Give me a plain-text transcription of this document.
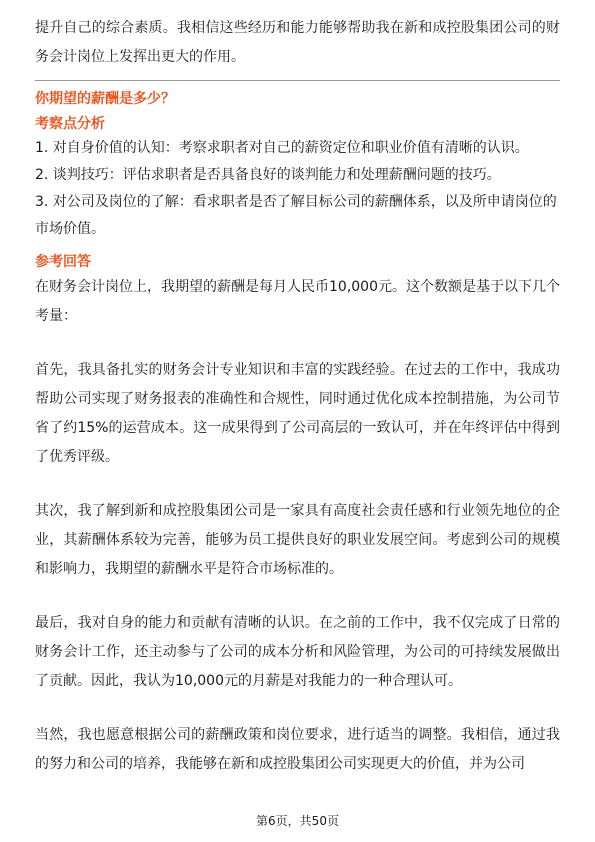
提升自己的综合素质。我相信这些经历和能力能够帮助我在新和成控股集团公司的财务会计岗位上发挥出更大的作用。

你期望的薪酬是多少？

考察点分析

1. 对自身价值的认知：考察求职者对自己的薪资定位和职业价值有清晰的认识。

2. 谈判技巧：评估求职者是否具备良好的谈判能力和处理薪酬问题的技巧。

3. 对公司及岗位的了解：看求职者是否了解目标公司的薪酬体系，以及所申请岗位的市场价值。

参考回答

在财务会计岗位上，我期望的薪酬是每月人民币10,000元。这个数额是基于以下几个考量：

首先，我具备扎实的财务会计专业知识和丰富的实践经验。在过去的工作中，我成功帮助公司实现了财务报表的准确性和合规性，同时通过优化成本控制措施，为公司节省了约15%的运营成本。这一成果得到了公司高层的一致认可，并在年终评估中得到了优秀评级。

其次，我了解到新和成控股集团公司是一家具有高度社会责任感和行业领先地位的企业，其薪酬体系较为完善，能够为员工提供良好的职业发展空间。考虑到公司的规模和影响力，我期望的薪酬水平是符合市场标准的。

最后，我对自身的能力和贡献有清晰的认识。在之前的工作中，我不仅完成了日常的财务会计工作，还主动参与了公司的成本分析和风险管理，为公司的可持续发展做出了贡献。因此，我认为10,000元的月薪是对我能力的一种合理认可。

当然，我也愿意根据公司的薪酬政策和岗位要求，进行适当的调整。我相信，通过我的努力和公司的培养，我能够在新和成控股集团公司实现更大的价值，并为公司

第6页，共50页
